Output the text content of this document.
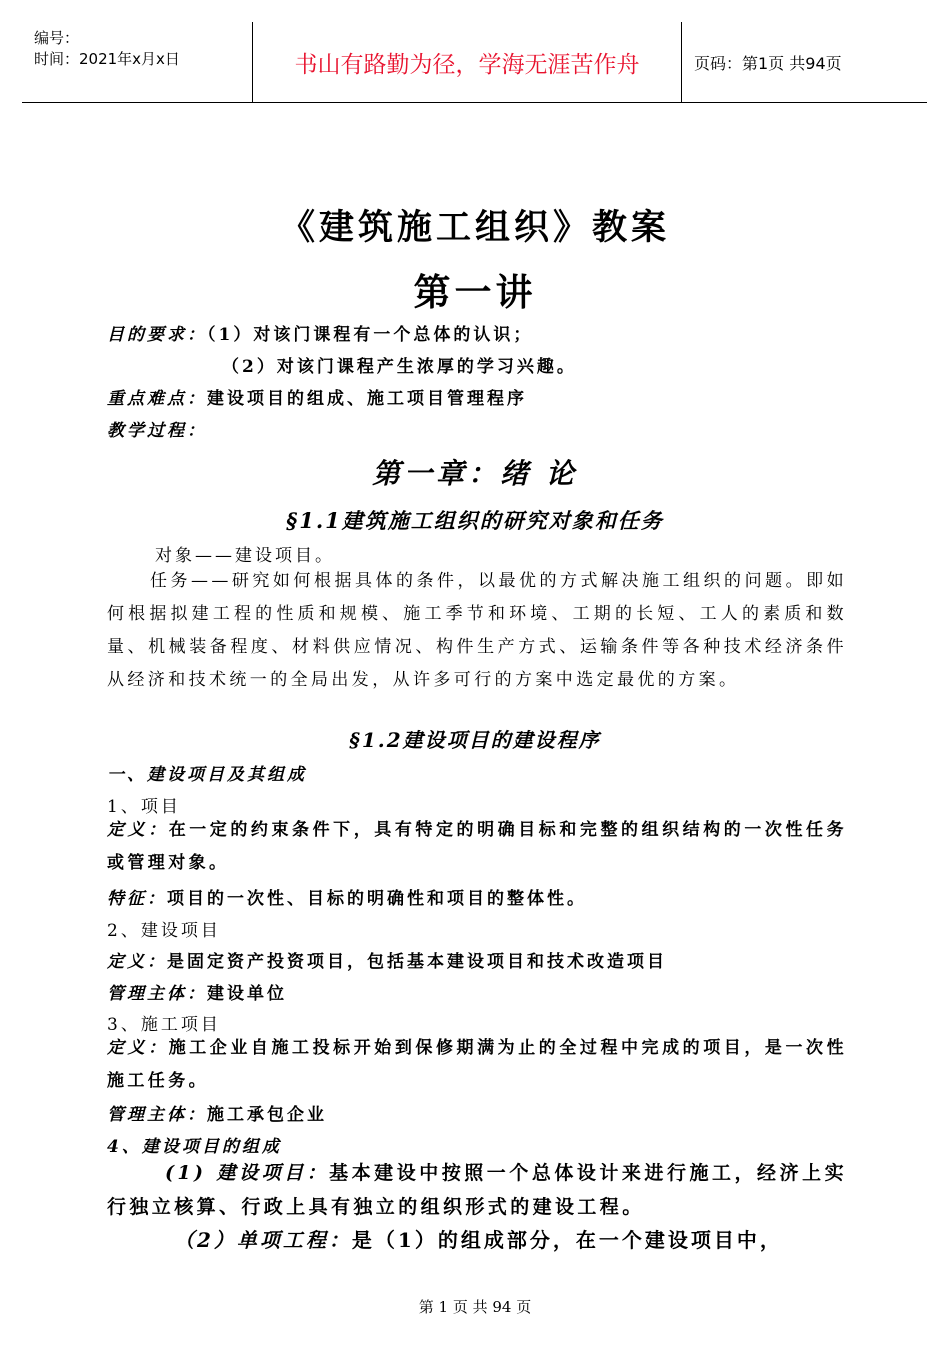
编号：
时间：2021年x月x日	书山有路勤为径，学海无涯苦作舟	页码：第1页 共94页
《建筑施工组织》教案
第一讲
目的要求：（1）对该门课程有一个总体的认识；
（2）对该门课程产生浓厚的学习兴趣。
重点难点：建设项目的组成、施工项目管理程序
教学过程：
第一章：绪 论
§1.1建筑施工组织的研究对象和任务
对象——建设项目。
任务——研究如何根据具体的条件，以最优的方式解决施工组织的问题。即如何根据拟建工程的性质和规模、施工季节和环境、工期的长短、工人的素质和数量、机械装备程度、材料供应情况、构件生产方式、运输条件等各种技术经济条件从经济和技术统一的全局出发，从许多可行的方案中选定最优的方案。
§1.2建设项目的建设程序
一、建设项目及其组成
1、项目
定义：在一定的约束条件下，具有特定的明确目标和完整的组织结构的一次性任务或管理对象。
特征：项目的一次性、目标的明确性和项目的整体性。
2、建设项目
定义：是固定资产投资项目，包括基本建设项目和技术改造项目
管理主体：建设单位
3、施工项目
定义：施工企业自施工投标开始到保修期满为止的全过程中完成的项目，是一次性施工任务。
管理主体：施工承包企业
4、建设项目的组成
(1) 建设项目：基本建设中按照一个总体设计来进行施工，经济上实行独立核算、行政上具有独立的组织形式的建设工程。
（2）单项工程：是（1）的组成部分，在一个建设项目中，
第 1 页 共 94 页
